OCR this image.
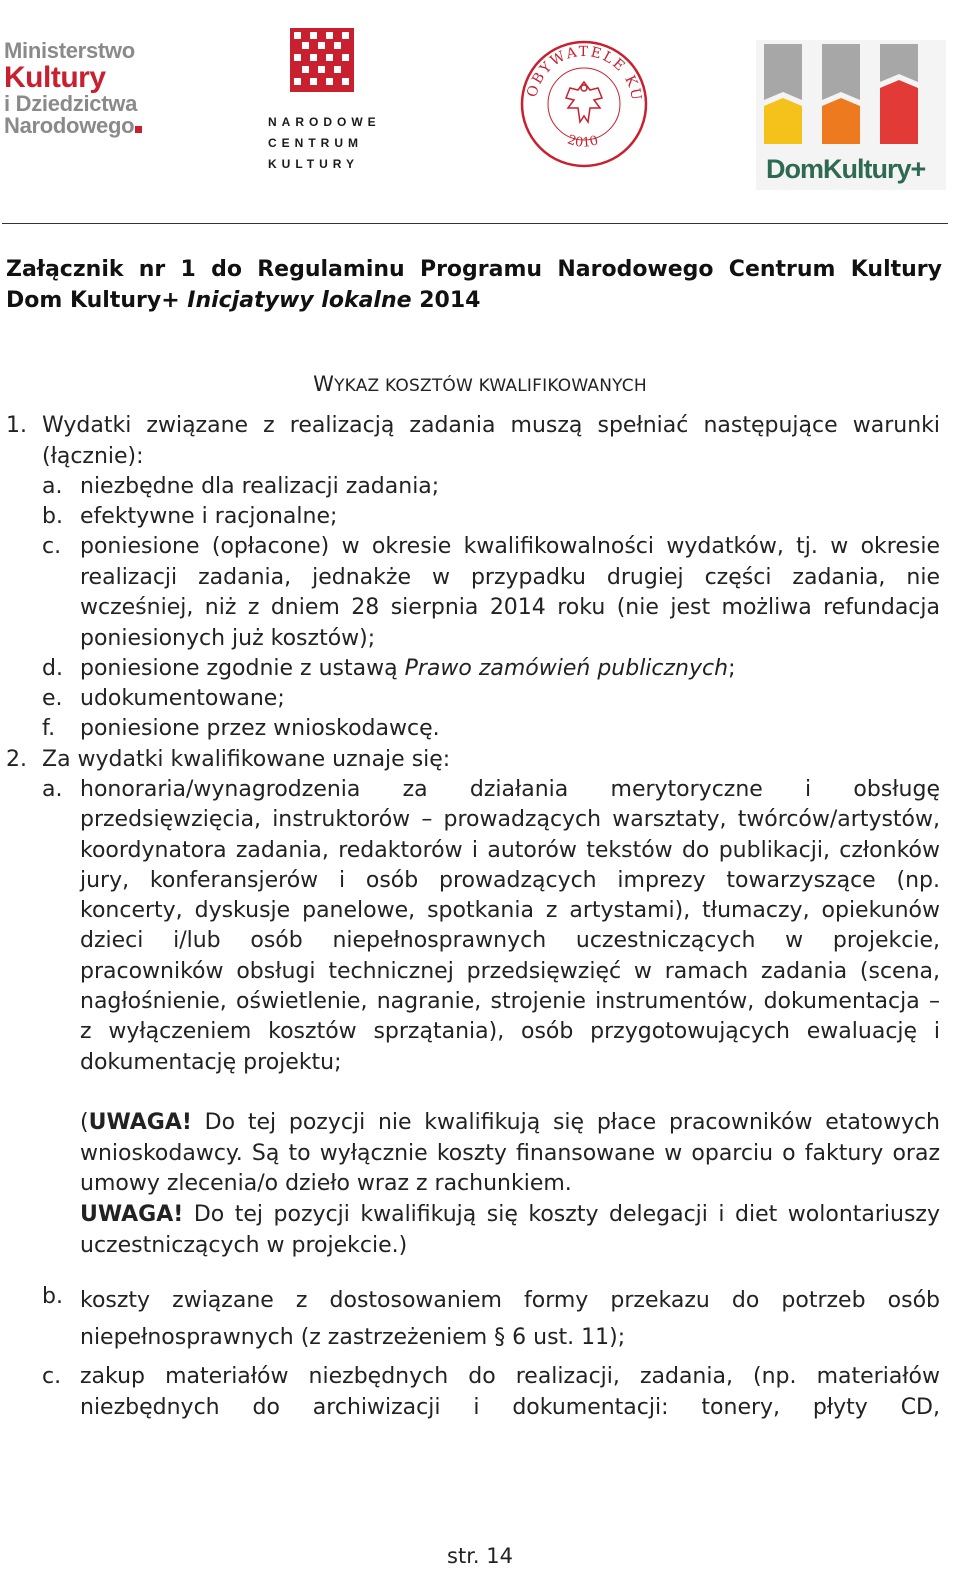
Ministerstwo
Kultury
i Dziedzictwa
Narodowego	NARODOWE
CENTRUM
KULTURY
OBYWATELE KU
2010
DomKultury+
Załącznik nr 1 do Regulaminu Programu Narodowego Centrum Kultury Dom Kultury+ Inicjatywy lokalne 2014
WYKAZ KOSZTÓW KWALIFIKOWANYCH
1. Wydatki związane z realizacją zadania muszą spełniać następujące warunki (łącznie):
a. niezbędne dla realizacji zadania;
b. efektywne i racjonalne;
c. poniesione (opłacone) w okresie kwalifikowalności wydatków, tj. w okresie realizacji zadania, jednakże w przypadku drugiej części zadania, nie wcześniej, niż z dniem 28 sierpnia 2014 roku (nie jest możliwa refundacja poniesionych już kosztów);
d. poniesione zgodnie z ustawą Prawo zamówień publicznych;
e. udokumentowane;
f. poniesione przez wnioskodawcę.
2. Za wydatki kwalifikowane uznaje się:
a. honoraria/wynagrodzenia za działania merytoryczne i obsługę przedsięwzięcia, instruktorów – prowadzących warsztaty, twórców/artystów, koordynatora zadania, redaktorów i autorów tekstów do publikacji, członków jury, konferansjerów i osób prowadzących imprezy towarzyszące (np. koncerty, dyskusje panelowe, spotkania z artystami), tłumaczy, opiekunów dzieci i/lub osób niepełnosprawnych uczestniczących w projekcie, pracowników obsługi technicznej przedsięwzięć w ramach zadania (scena, nagłośnienie, oświetlenie, nagranie, strojenie instrumentów, dokumentacja – z wyłączeniem kosztów sprzątania), osób przygotowujących ewaluację i dokumentację projektu;
(UWAGA! Do tej pozycji nie kwalifikują się płace pracowników etatowych wnioskodawcy. Są to wyłącznie koszty finansowane w oparciu o faktury oraz umowy zlecenia/o dzieło wraz z rachunkiem.
UWAGA! Do tej pozycji kwalifikują się koszty delegacji i diet wolontariuszy uczestniczących w projekcie.)
b. koszty związane z dostosowaniem formy przekazu do potrzeb osób niepełnosprawnych (z zastrzeżeniem § 6 ust. 11);
c. zakup materiałów niezbędnych do realizacji, zadania, (np. materiałów niezbędnych do archiwizacji i dokumentacji: tonery, płyty CD,
str. 14
